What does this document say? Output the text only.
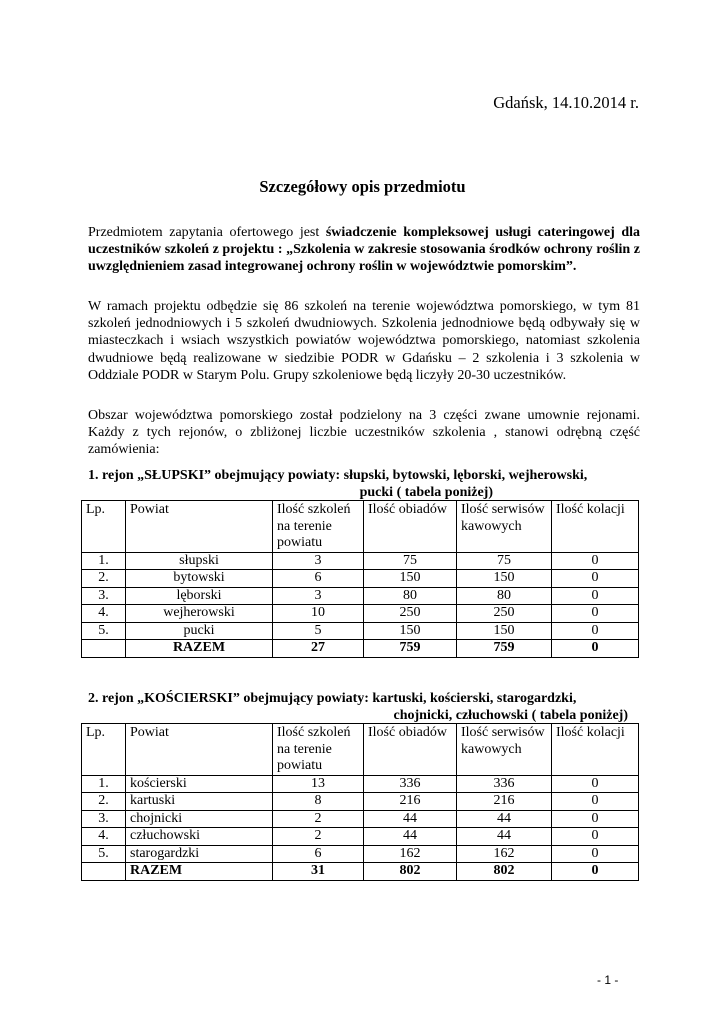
Gdańsk, 14.10.2014 r.
Szczegółowy opis przedmiotu

Przedmiotem zapytania ofertowego jest świadczenie kompleksowej usługi cateringowej dla uczestników szkoleń z projektu : „Szkolenia w zakresie stosowania środków ochrony roślin z uwzględnieniem zasad integrowanej ochrony roślin w województwie pomorskim”.

W ramach projektu odbędzie się 86 szkoleń na terenie województwa pomorskiego, w tym 81 szkoleń jednodniowych i 5 szkoleń dwudniowych. Szkolenia jednodniowe będą odbywały się w miasteczkach i wsiach wszystkich powiatów województwa pomorskiego, natomiast szkolenia dwudniowe będą realizowane w siedzibie PODR w Gdańsku – 2 szkolenia i 3 szkolenia w Oddziale PODR w Starym Polu. Grupy szkoleniowe będą liczyły 20-30 uczestników.

Obszar województwa pomorskiego został podzielony na 3 części zwane umownie rejonami. Każdy z tych rejonów, o zbliżonej liczbie uczestników szkolenia , stanowi odrębną część zamówienia:

1. rejon „SŁUPSKI” obejmujący powiaty: słupski, bytowski, lęborski, wejherowski,
pucki ( tabela poniżej)

Lp.	Powiat	Ilość szkoleń na terenie powiatu	Ilość obiadów	Ilość serwisów kawowych	Ilość kolacji
1.	słupski	3	75	75	0
2.	bytowski	6	150	150	0
3.	lęborski	3	80	80	0
4.	wejherowski	10	250	250	0
5.	pucki	5	150	150	0
	RAZEM	27	759	759	0

2. rejon „KOŚCIERSKI” obejmujący powiaty: kartuski, kościerski, starogardzki,
chojnicki, człuchowski ( tabela poniżej)

Lp.	Powiat	Ilość szkoleń na terenie powiatu	Ilość obiadów	Ilość serwisów kawowych	Ilość kolacji
1.	kościerski	13	336	336	0
2.	kartuski	8	216	216	0
3.	chojnicki	2	44	44	0
4.	człuchowski	2	44	44	0
5.	starogardzki	6	162	162	0
	RAZEM	31	802	802	0
- 1 -
